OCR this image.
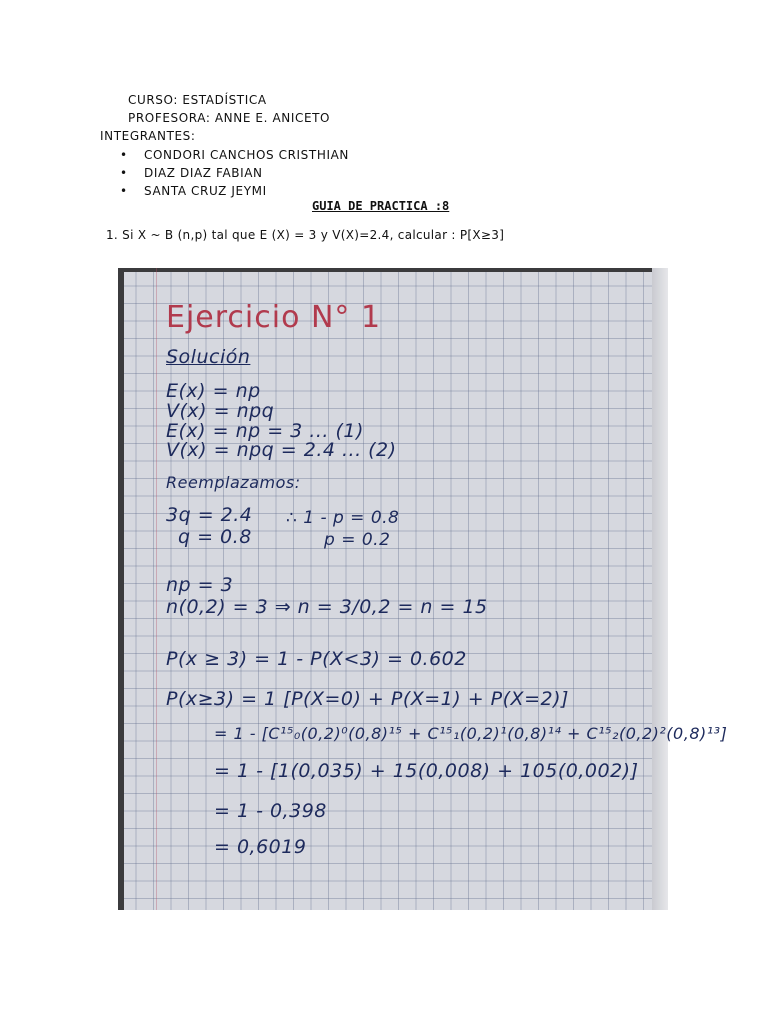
CURSO: ESTADÍSTICA
PROFESORA: ANNE E. ANICETO
INTEGRANTES:
• CONDORI CANCHOS CRISTHIAN
• DIAZ DIAZ FABIAN
• SANTA CRUZ JEYMI
GUIA DE PRACTICA :8
1. Si X ~ B (n,p) tal que E (X) = 3 y V(X)=2.4, calcular : P[X≥3]
Ejercicio N° 1
Solución
E(x) = np
V(x) = npq
E(x) = np = 3 ... (1)
V(x) = npq = 2.4 ... (2)
Reemplazamos:
3q = 2.4
q = 0.8
∴ 1 - p = 0.8
p = 0.2
np = 3
n(0,2) = 3 ⇒ n = 3/0,2 = n = 15
P(x ≥ 3) = 1 - P(X<3) = 0.602
P(x≥3) = 1 [P(X=0) + P(X=1) + P(X=2)]
= 1 - [C¹⁵₀(0,2)⁰(0,8)¹⁵ + C¹⁵₁(0,2)¹(0,8)¹⁴ + C¹⁵₂(0,2)²(0,8)¹³]
= 1 - [1(0,035) + 15(0,008) + 105(0,002)]
= 1 - 0,398
= 0,6019
